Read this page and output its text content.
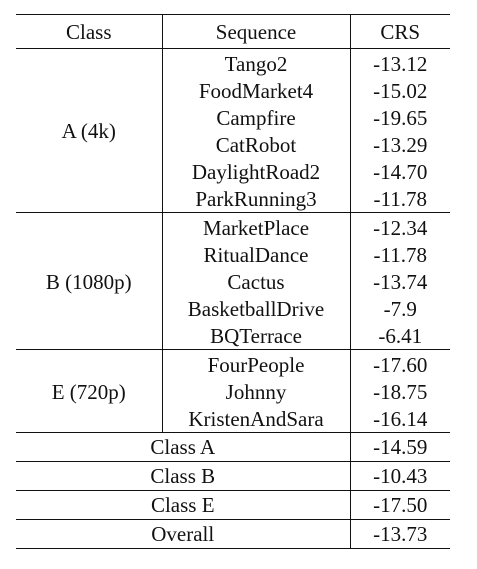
Class	Sequence	CRS
A (4k)	Tango2	-13.12
	FoodMarket4	-15.02
	Campfire	-19.65
	CatRobot	-13.29
	DaylightRoad2	-14.70
	ParkRunning3	-11.78
B (1080p)	MarketPlace	-12.34
	RitualDance	-11.78
	Cactus	-13.74
	BasketballDrive	-7.9
	BQTerrace	-6.41
E (720p)	FourPeople	-17.60
	Johnny	-18.75
	KristenAndSara	-16.14
Class A		-14.59
Class B		-10.43
Class E		-17.50
Overall		-13.73
